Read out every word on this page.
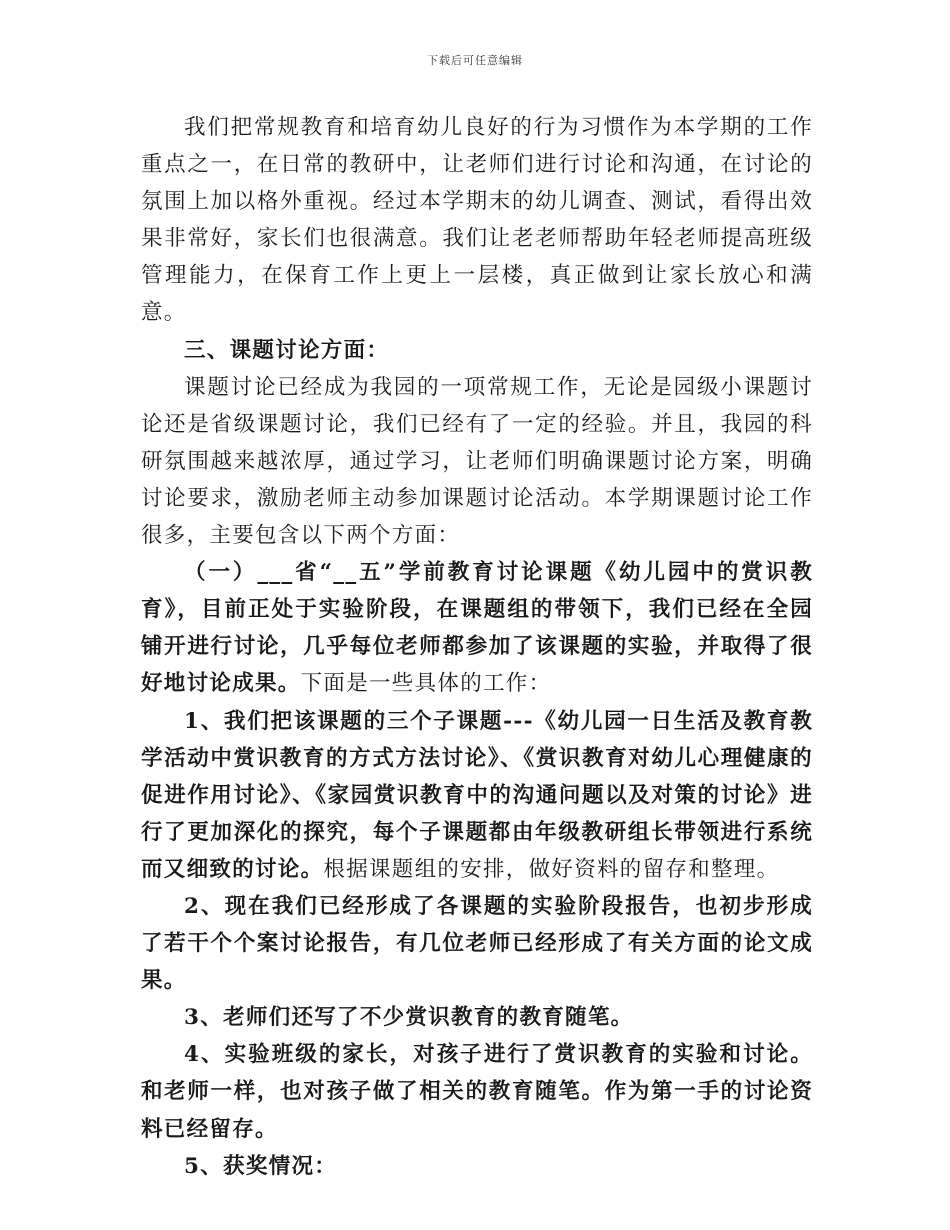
下载后可任意编辑

我们把常规教育和培育幼儿良好的行为习惯作为本学期的工作重点之一，在日常的教研中，让老师们进行讨论和沟通，在讨论的氛围上加以格外重视。经过本学期末的幼儿调查、测试，看得出效果非常好，家长们也很满意。我们让老老师帮助年轻老师提高班级管理能力，在保育工作上更上一层楼，真正做到让家长放心和满意。

三、课题讨论方面：

课题讨论已经成为我园的一项常规工作，无论是园级小课题讨论还是省级课题讨论，我们已经有了一定的经验。并且，我园的科研氛围越来越浓厚，通过学习，让老师们明确课题讨论方案，明确讨论要求，激励老师主动参加课题讨论活动。本学期课题讨论工作很多，主要包含以下两个方面：

（一）___省“__五”学前教育讨论课题《幼儿园中的赏识教育》，目前正处于实验阶段，在课题组的带领下，我们已经在全园铺开进行讨论，几乎每位老师都参加了该课题的实验，并取得了很好地讨论成果。下面是一些具体的工作：

1、我们把该课题的三个子课题---《幼儿园一日生活及教育教学活动中赏识教育的方式方法讨论》、《赏识教育对幼儿心理健康的促进作用讨论》、《家园赏识教育中的沟通问题以及对策的讨论》进行了更加深化的探究，每个子课题都由年级教研组长带领进行系统而又细致的讨论。根据课题组的安排，做好资料的留存和整理。

2、现在我们已经形成了各课题的实验阶段报告，也初步形成了若干个个案讨论报告，有几位老师已经形成了有关方面的论文成果。

3、老师们还写了不少赏识教育的教育随笔。

4、实验班级的家长，对孩子进行了赏识教育的实验和讨论。和老师一样，也对孩子做了相关的教育随笔。作为第一手的讨论资料已经留存。

5、获奖情况：
